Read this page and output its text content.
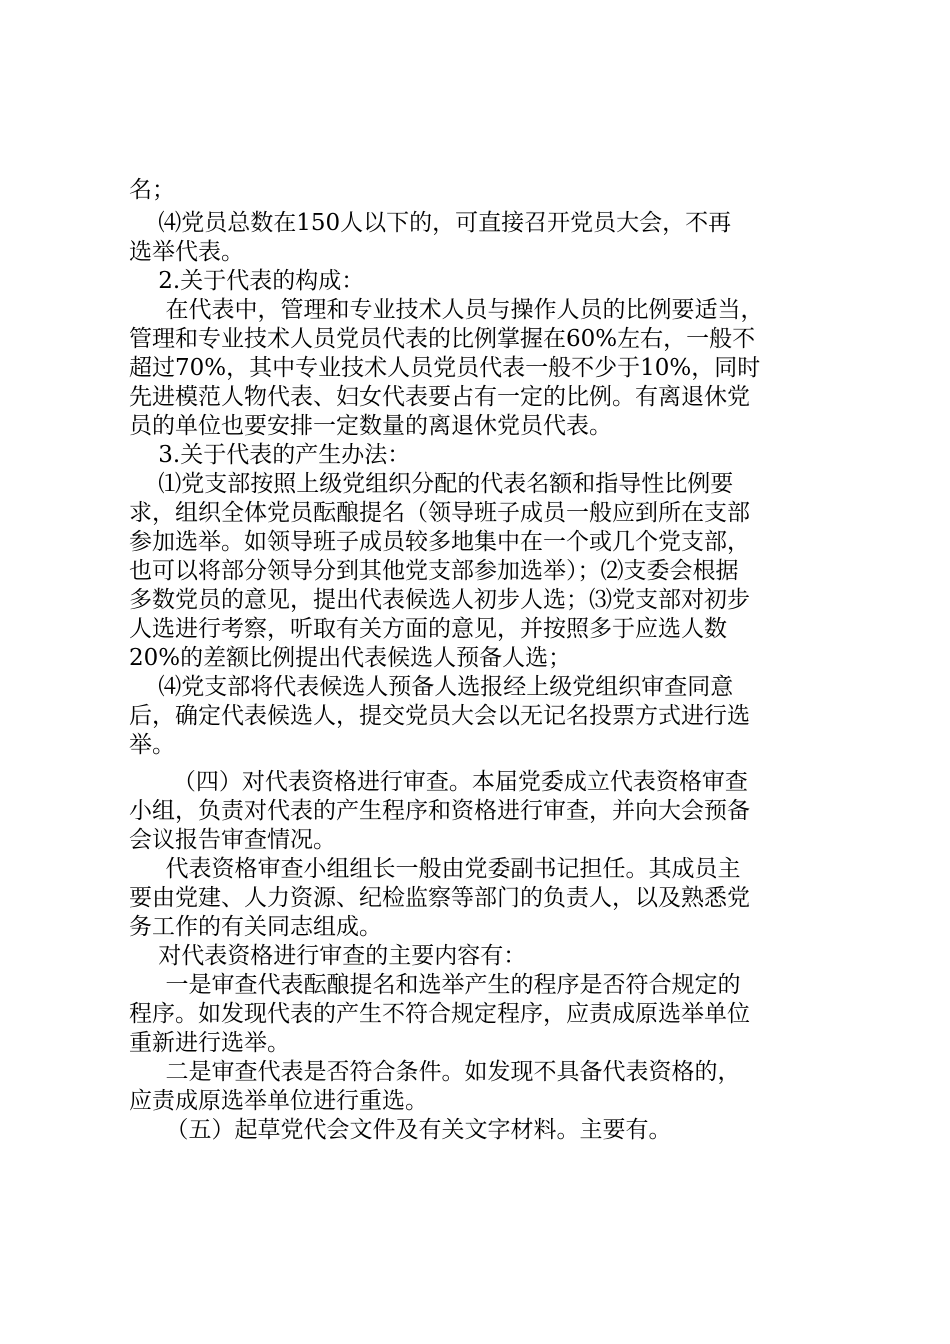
名；
⑷党员总数在150人以下的，可直接召开党员大会，不再
选举代表。
2.关于代表的构成：
在代表中，管理和专业技术人员与操作人员的比例要适当，
管理和专业技术人员党员代表的比例掌握在60%左右，一般不
超过70%，其中专业技术人员党员代表一般不少于10%，同时
先进模范人物代表、妇女代表要占有一定的比例。有离退休党
员的单位也要安排一定数量的离退休党员代表。
3.关于代表的产生办法：
⑴党支部按照上级党组织分配的代表名额和指导性比例要
求，组织全体党员酝酿提名（领导班子成员一般应到所在支部
参加选举。如领导班子成员较多地集中在一个或几个党支部，
也可以将部分领导分到其他党支部参加选举）；⑵支委会根据
多数党员的意见，提出代表候选人初步人选；⑶党支部对初步
人选进行考察，听取有关方面的意见，并按照多于应选人数
20%的差额比例提出代表候选人预备人选；
⑷党支部将代表候选人预备人选报经上级党组织审查同意
后，确定代表候选人，提交党员大会以无记名投票方式进行选
举。
（四）对代表资格进行审查。本届党委成立代表资格审查
小组，负责对代表的产生程序和资格进行审查，并向大会预备
会议报告审查情况。
代表资格审查小组组长一般由党委副书记担任。其成员主
要由党建、人力资源、纪检监察等部门的负责人，以及熟悉党
务工作的有关同志组成。
对代表资格进行审查的主要内容有：
一是审查代表酝酿提名和选举产生的程序是否符合规定的
程序。如发现代表的产生不符合规定程序，应责成原选举单位
重新进行选举。
二是审查代表是否符合条件。如发现不具备代表资格的，
应责成原选举单位进行重选。
（五）起草党代会文件及有关文字材料。主要有。
